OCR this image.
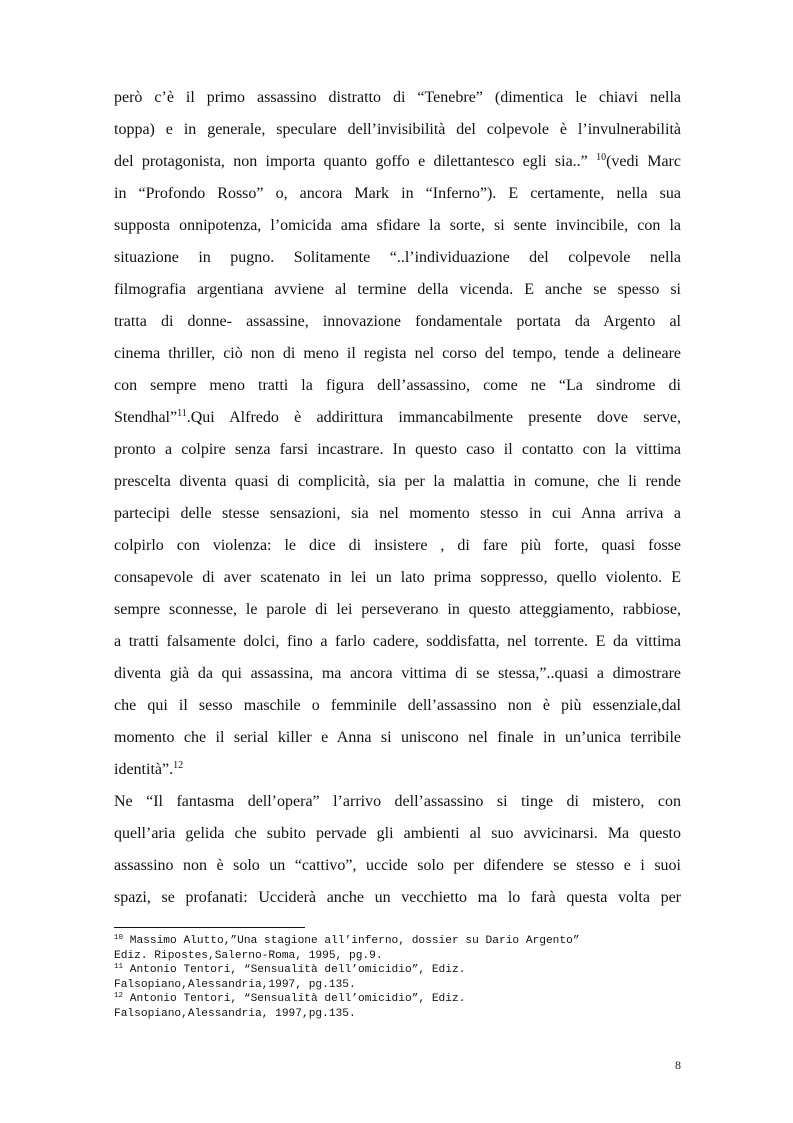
però c’è il primo assassino distratto di “Tenebre” (dimentica le chiavi nella
toppa) e in generale, speculare dell’invisibilità del colpevole è l’invulnerabilità
del protagonista, non importa quanto goffo e dilettantesco egli sia..” $^{10}$(vedi Marc
in “Profondo Rosso” o, ancora Mark in “Inferno”). E certamente, nella sua
supposta onnipotenza, l’omicida ama sfidare la sorte, si sente invincibile, con la
situazione in pugno. Solitamente “..l’individuazione del colpevole nella
filmografia argentiana avviene al termine della vicenda. E anche se spesso si
tratta di donne- assassine, innovazione fondamentale portata da Argento al
cinema thriller, ciò non di meno il regista nel corso del tempo, tende a delineare
con sempre meno tratti la figura dell’assassino, come ne “La sindrome di
Stendhal”$^{11}$.Qui Alfredo è addirittura immancabilmente presente dove serve,
pronto a colpire senza farsi incastrare. In questo caso il contatto con la vittima
prescelta diventa quasi di complicità, sia per la malattia in comune, che li rende
partecipi delle stesse sensazioni, sia nel momento stesso in cui Anna arriva a
colpirlo con violenza: le dice di insistere , di fare più forte, quasi fosse
consapevole di aver scatenato in lei un lato prima soppresso, quello violento. E
sempre sconnesse, le parole di lei perseverano in questo atteggiamento, rabbiose,
a tratti falsamente dolci, fino a farlo cadere, soddisfatta, nel torrente. E da vittima
diventa già da qui assassina, ma ancora vittima di se stessa,”..quasi a dimostrare
che qui il sesso maschile o femminile dell’assassino non è più essenziale,dal
momento che il serial killer e Anna si uniscono nel finale in un’unica terribile
identità”.$^{12}$
Ne “Il fantasma dell’opera” l’arrivo dell’assassino si tinge di mistero, con
quell’aria gelida che subito pervade gli ambienti al suo avvicinarsi. Ma questo
assassino non è solo un “cattivo”, uccide solo per difendere se stesso e i suoi
spazi, se profanati: Ucciderà anche un vecchietto ma lo farà questa volta per
$^{10}$ Massimo Alutto,”Una stagione all’inferno, dossier su Dario Argento”
Ediz. Ripostes,Salerno-Roma, 1995, pg.9.
$^{11}$ Antonio Tentori, “Sensualità dell’omicidio”, Ediz.
Falsopiano,Alessandria,1997, pg.135.
$^{12}$ Antonio Tentori, “Sensualità dell’omicidio”, Ediz.
Falsopiano,Alessandria, 1997,pg.135.
8
